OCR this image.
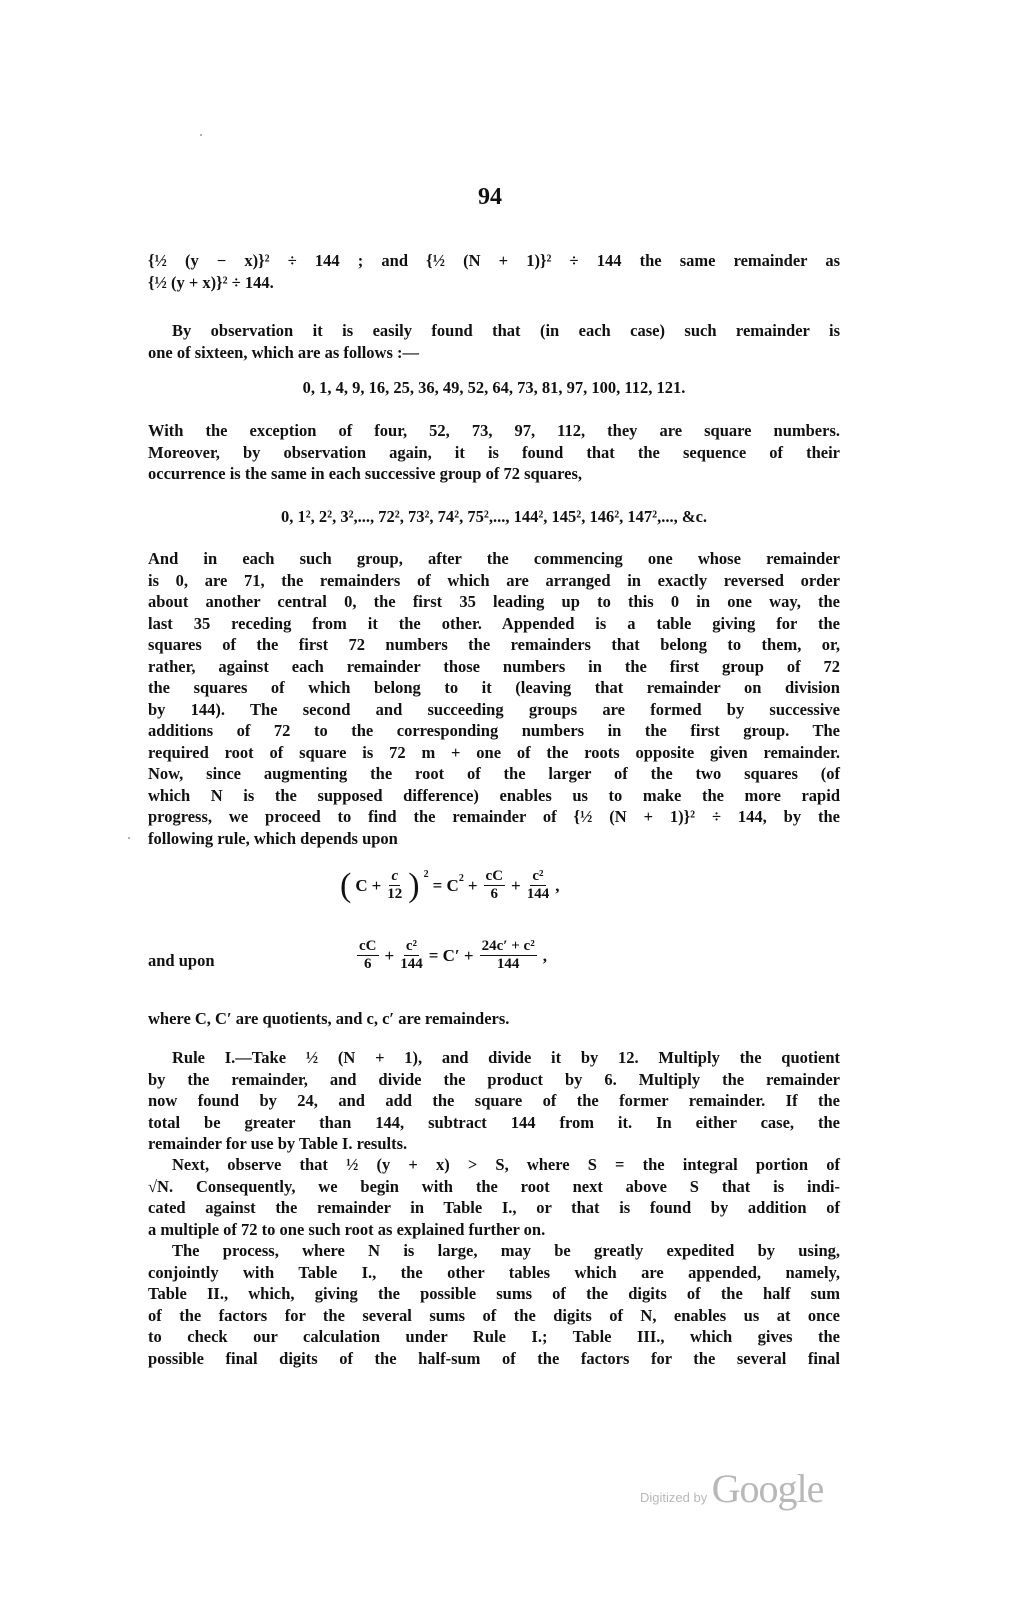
94
{½ (y − x)}² ÷ 144 ; and {½ (N + 1)}² ÷ 144 the same remainder as
{½ (y + x)}² ÷ 144.
By observation it is easily found that (in each case) such remainder is
one of sixteen, which are as follows :—
0, 1, 4, 9, 16, 25, 36, 49, 52, 64, 73, 81, 97, 100, 112, 121.
With the exception of four, 52, 73, 97, 112, they are square numbers.
Moreover, by observation again, it is found that the sequence of their
occurrence is the same in each successive group of 72 squares,
0, 1², 2², 3²,..., 72², 73², 74², 75²,..., 144², 145², 146², 147²,..., &c.
And in each such group, after the commencing one whose remainder
is 0, are 71, the remainders of which are arranged in exactly reversed order
about another central 0, the first 35 leading up to this 0 in one way, the
last 35 receding from it the other. Appended is a table giving for the
squares of the first 72 numbers the remainders that belong to them, or,
rather, against each remainder those numbers in the first group of 72
the squares of which belong to it (leaving that remainder on division
by 144). The second and succeeding groups are formed by successive
additions of 72 to the corresponding numbers in the first group. The
required root of square is 72 m + one of the roots opposite given remainder.
Now, since augmenting the root of the larger of the two squares (of
which N is the supposed difference) enables us to make the more rapid
progress, we proceed to find the remainder of {½ (N + 1)}² ÷ 144, by the
following rule, which depends upon
where C, C′ are quotients, and c, c′ are remainders.
Rule I.—Take ½ (N + 1), and divide it by 12. Multiply the quotient
by the remainder, and divide the product by 6. Multiply the remainder
now found by 24, and add the square of the former remainder. If the
total be greater than 144, subtract 144 from it. In either case, the
remainder for use by Table I. results.
Next, observe that ½ (y + x) > S, where S = the integral portion of
√N. Consequently, we begin with the root next above S that is indi-
cated against the remainder in Table I., or that is found by addition of
a multiple of 72 to one such root as explained further on.
The process, where N is large, may be greatly expedited by using,
conjointly with Table I., the other tables which are appended, namely,
Table II., which, giving the possible sums of the digits of the half sum
of the factors for the several sums of the digits of N, enables us at once
to check our calculation under Rule I.; Table III., which gives the
possible final digits of the half-sum of the factors for the several final
( $C + \frac{c}{12}$ ) $^2$
= $C^2 + \frac{cC}{6} + \frac{\text{c²}}{144}$ ,
and upon	$\frac{cC}{6} + \frac{\text{c²}}{144} = C' + \frac{\text{24c′ + c²}}{144}$ ,
Digitized by Google
